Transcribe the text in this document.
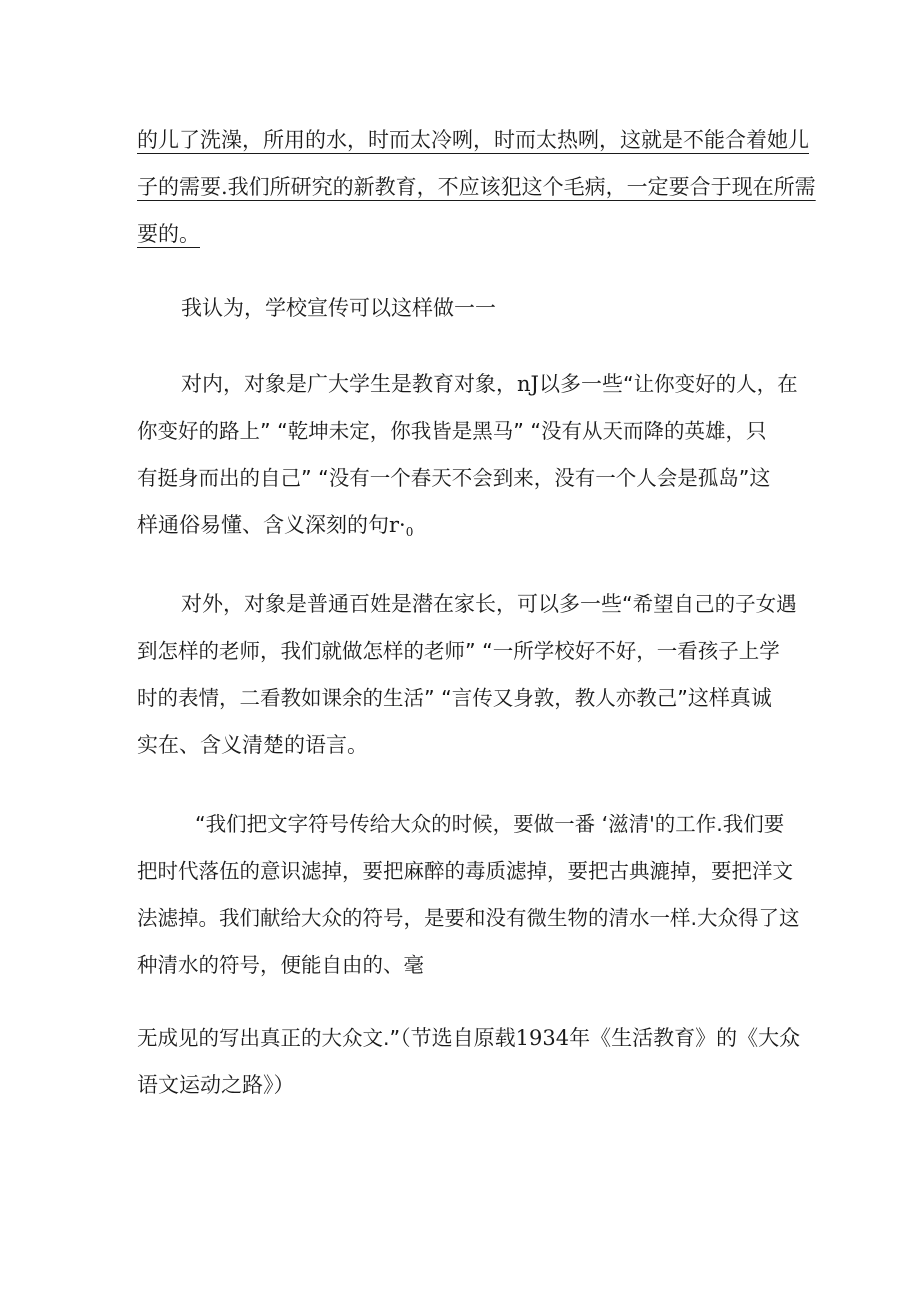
的儿了洗澡，所用的水，时而太冷咧，时而太热咧，这就是不能合着她儿
子的需要.我们所研究的新教育，不应该犯这个毛病，一定要合于现在所需
要的。
我认为，学校宣传可以这样做一一
对内，对象是广大学生是教育对象，nJ以多一些“让你变好的人，在
你变好的路上” “乾坤未定，你我皆是黑马” “没有从天而降的英雄，只
有挺身而出的自己” “没有一个春天不会到来，没有一个人会是孤岛”这
样通俗易懂、含义深刻的句$r\cdot_0$
对外，对象是普通百姓是潜在家长，可以多一些“希望自己的子女遇
到怎样的老师，我们就做怎样的老师” “一所学校好不好，一看孩子上学
时的表情，二看教如课余的生活” “言传又身敦，教人亦教己”这样真诚
实在、含义清楚的语言。
“我们把文字符号传给大众的时候，要做一番 ‘滋清'的工作.我们要
把时代落伍的意识滤掉，要把麻醉的毒质滤掉，要把古典漉掉，要把洋文
法滤掉。我们献给大众的符号，是要和没有微生物的清水一样.大众得了这
种清水的符号，便能自由的、毫
无成见的写出真正的大众文.”（节选自原载1934年《生活教育》的《大众
语文运动之路》）
